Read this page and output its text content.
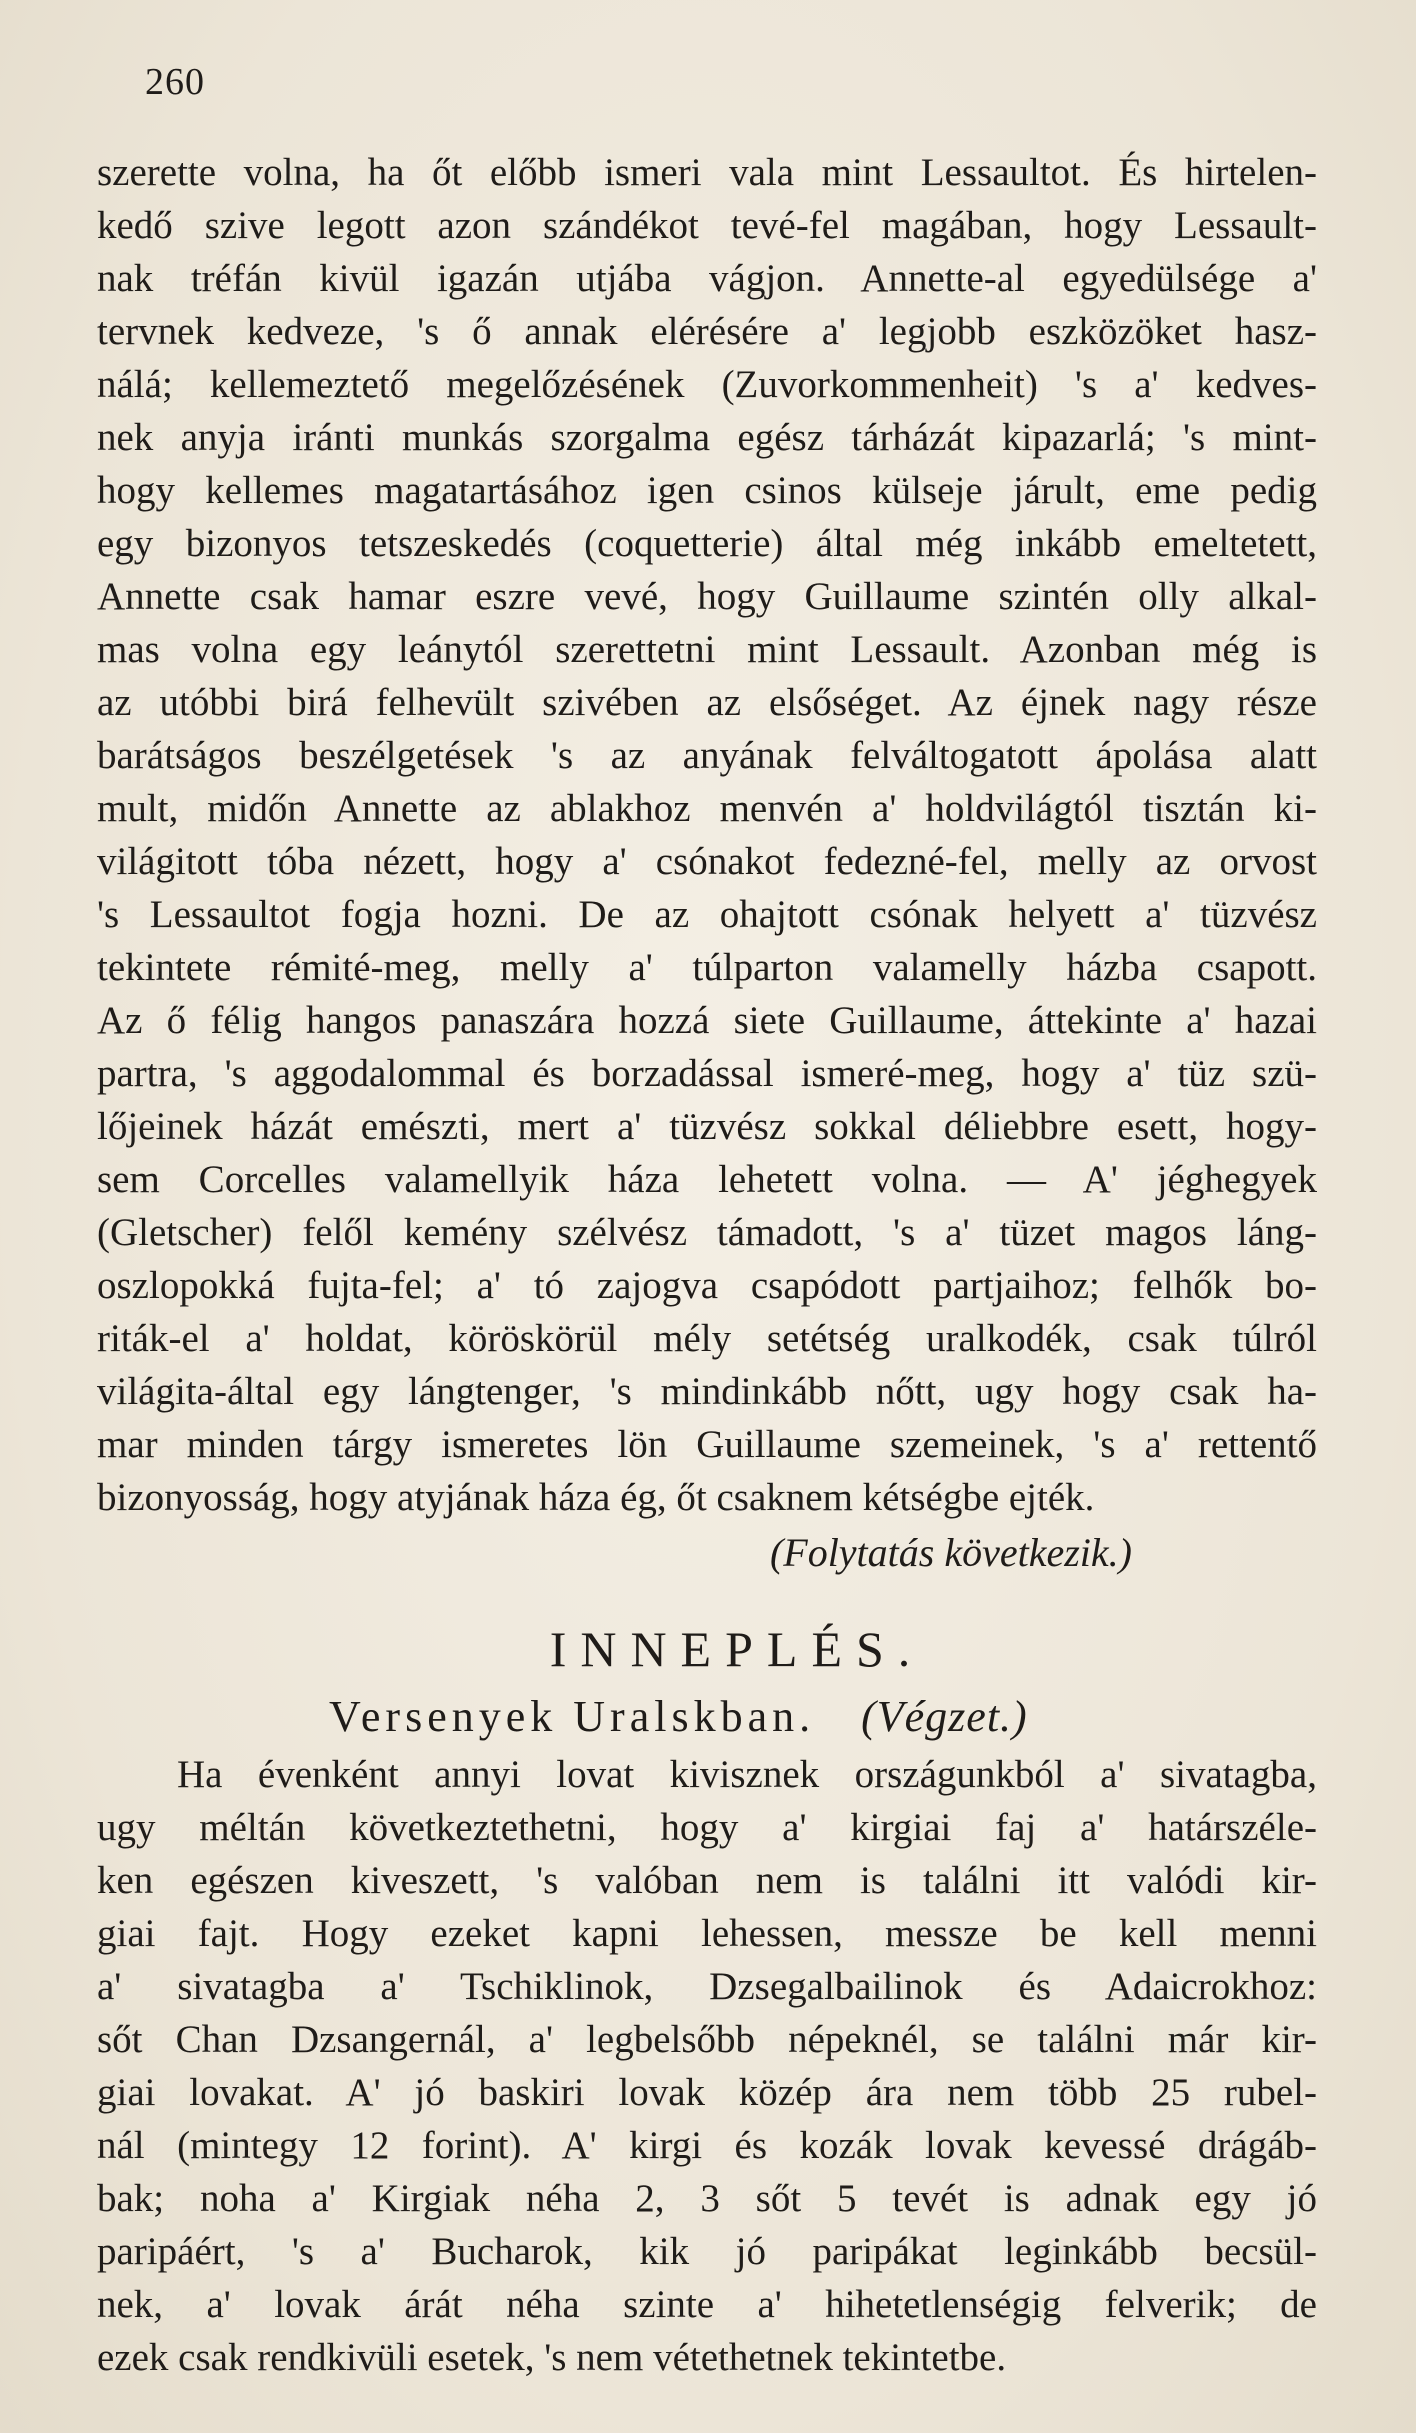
260
szerette volna, ha őt előbb ismeri vala mint Lessaultot. És hirtelen-
kedő szive legott azon szándékot tevé-fel magában, hogy Lessault-
nak tréfán kivül igazán utjába vágjon. Annette-al egyedülsége a'
tervnek kedveze, 's ő annak elérésére a' legjobb eszközöket hasz-
nálá; kellemeztető megelőzésének (Zuvorkommenheit) 's a' kedves-
nek anyja iránti munkás szorgalma egész tárházát kipazarlá; 's mint-
hogy kellemes magatartásához igen csinos külseje járult, eme pedig
egy bizonyos tetszeskedés (coquetterie) által még inkább emeltetett,
Annette csak hamar eszre vevé, hogy Guillaume szintén olly alkal-
mas volna egy leánytól szerettetni mint Lessault. Azonban még is
az utóbbi birá felhevült szivében az elsőséget. Az éjnek nagy része
barátságos beszélgetések 's az anyának felváltogatott ápolása alatt
mult, midőn Annette az ablakhoz menvén a' holdvilágtól tisztán ki-
világitott tóba nézett, hogy a' csónakot fedezné-fel, melly az orvost
's Lessaultot fogja hozni. De az ohajtott csónak helyett a' tüzvész
tekintete rémité-meg, melly a' túlparton valamelly házba csapott.
Az ő félig hangos panaszára hozzá siete Guillaume, áttekinte a' hazai
partra, 's aggodalommal és borzadással ismeré-meg, hogy a' tüz szü-
lőjeinek házát emészti, mert a' tüzvész sokkal déliebbre esett, hogy-
sem Corcelles valamellyik háza lehetett volna. — A' jéghegyek
(Gletscher) felől kemény szélvész támadott, 's a' tüzet magos láng-
oszlopokká fujta-fel; a' tó zajogva csapódott partjaihoz; felhők bo-
riták-el a' holdat, köröskörül mély setétség uralkodék, csak túlról
világita-által egy lángtenger, 's mindinkább nőtt, ugy hogy csak ha-
mar minden tárgy ismeretes lön Guillaume szemeinek, 's a' rettentő
bizonyosság, hogy atyjának háza ég, őt csaknem kétségbe ejték.
(Folytatás következik.)
INNEPLÉS.
Versenyek Uralskban. (Végzet.)
Ha évenként annyi lovat kivisznek országunkból a' sivatagba,
ugy méltán következtethetni, hogy a' kirgiai faj a' határszéle-
ken egészen kiveszett, 's valóban nem is találni itt valódi kir-
giai fajt. Hogy ezeket kapni lehessen, messze be kell menni
a' sivatagba a' Tschiklinok, Dzsegalbailinok és Adaicrokhoz:
sőt Chan Dzsangernál, a' legbelsőbb népeknél, se találni már kir-
giai lovakat. A' jó baskiri lovak közép ára nem több 25 rubel-
nál (mintegy 12 forint). A' kirgi és kozák lovak kevessé drágáb-
bak; noha a' Kirgiak néha 2, 3 sőt 5 tevét is adnak egy jó
paripáért, 's a' Bucharok, kik jó paripákat leginkább becsül-
nek, a' lovak árát néha szinte a' hihetetlenségig felverik; de
ezek csak rendkivüli esetek, 's nem vétethetnek tekintetbe.
